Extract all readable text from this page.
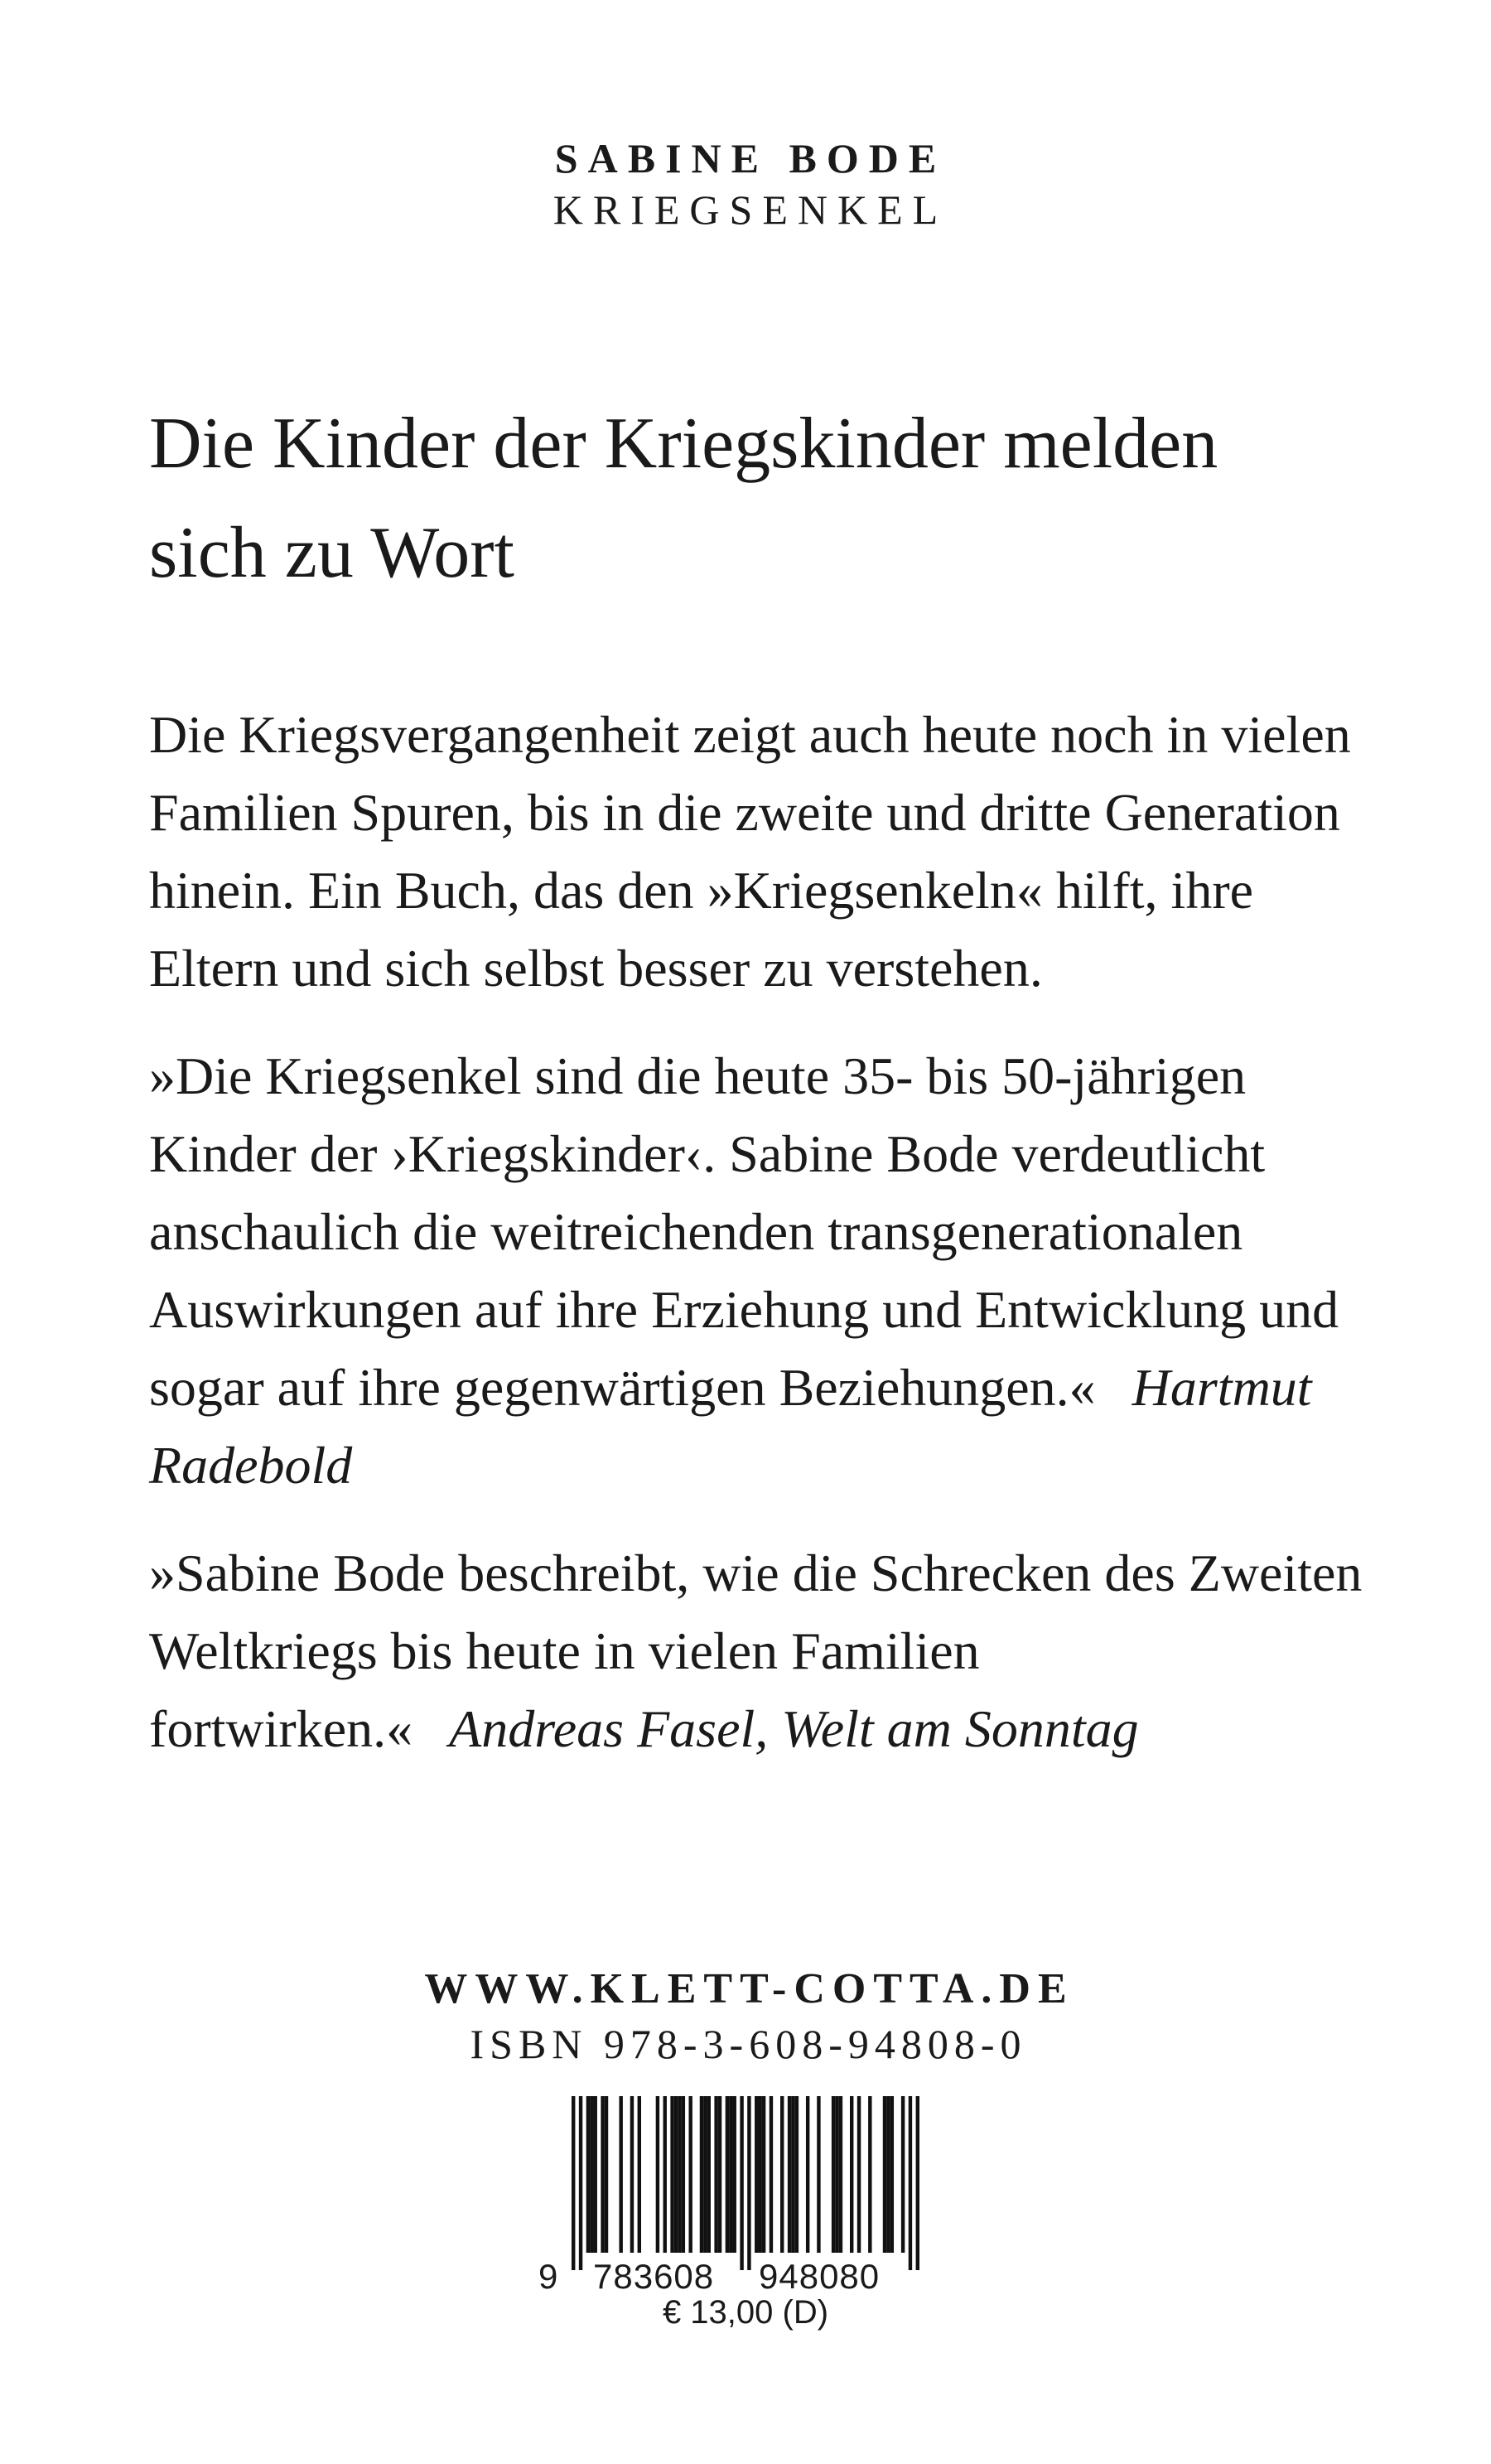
SABINE BODE
KRIEGSENKEL
Die Kinder der Kriegskinder melden
sich zu Wort

Die Kriegsvergangenheit zeigt auch heute noch in vielen Familien Spuren, bis in die zweite und dritte Generation hinein. Ein Buch, das den »Kriegsenkeln« hilft, ihre Eltern und sich selbst besser zu verstehen.

»Die Kriegsenkel sind die heute 35- bis 50-jährigen Kinder der ›Kriegskinder‹. Sabine Bode verdeutlicht anschaulich die weitreichenden transgenerationalen Auswirkungen auf ihre Erziehung und Entwicklung und sogar auf ihre gegenwärtigen Beziehungen.« Hartmut Radebold

»Sabine Bode beschreibt, wie die Schrecken des Zweiten Weltkriegs bis heute in vielen Familien fortwirken.« Andreas Fasel, Welt am Sonntag

WWW.KLETT-COTTA.DE
ISBN 978-3-608-94808-0
9 783608 948080
€ 13,00 (D)
